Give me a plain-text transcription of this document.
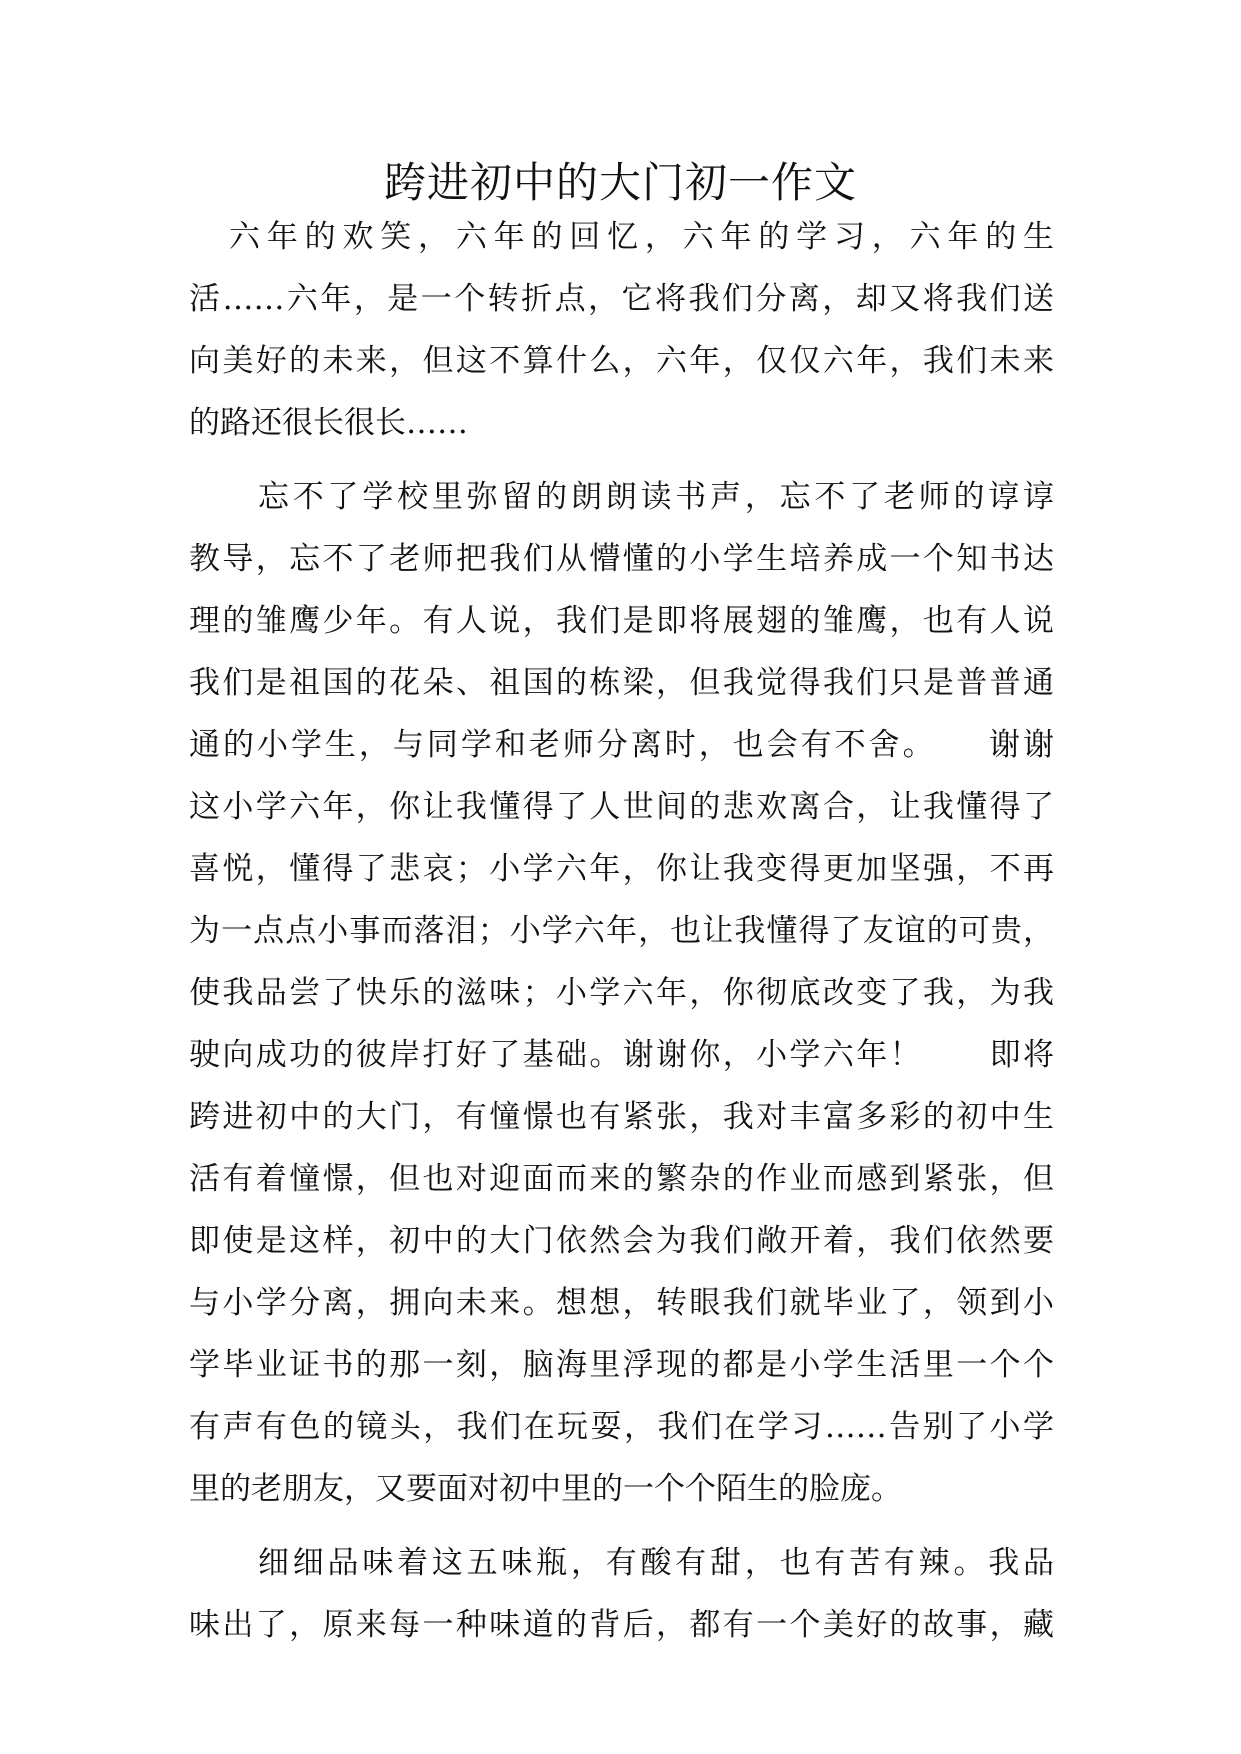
跨进初中的大门初一作文
六年的欢笑，六年的回忆，六年的学习，六年的生
活……六年，是一个转折点，它将我们分离，却又将我们送
向美好的未来，但这不算什么，六年，仅仅六年，我们未来
的路还很长很长……
忘不了学校里弥留的朗朗读书声，忘不了老师的谆谆
教导，忘不了老师把我们从懵懂的小学生培养成一个知书达
理的雏鹰少年。有人说，我们是即将展翅的雏鹰，也有人说
我们是祖国的花朵、祖国的栋梁，但我觉得我们只是普普通
通的小学生，与同学和老师分离时，也会有不舍。　　谢谢
这小学六年，你让我懂得了人世间的悲欢离合，让我懂得了
喜悦，懂得了悲哀；小学六年，你让我变得更加坚强，不再
为一点点小事而落泪；小学六年，也让我懂得了友谊的可贵，
使我品尝了快乐的滋味；小学六年，你彻底改变了我，为我
驶向成功的彼岸打好了基础。谢谢你，小学六年！　　即将
跨进初中的大门，有憧憬也有紧张，我对丰富多彩的初中生
活有着憧憬，但也对迎面而来的繁杂的作业而感到紧张，但
即使是这样，初中的大门依然会为我们敞开着，我们依然要
与小学分离，拥向未来。想想，转眼我们就毕业了，领到小
学毕业证书的那一刻，脑海里浮现的都是小学生活里一个个
有声有色的镜头，我们在玩耍，我们在学习……告别了小学
里的老朋友，又要面对初中里的一个个陌生的脸庞。
细细品味着这五味瓶，有酸有甜，也有苦有辣。我品
味出了，原来每一种味道的背后，都有一个美好的故事，藏
